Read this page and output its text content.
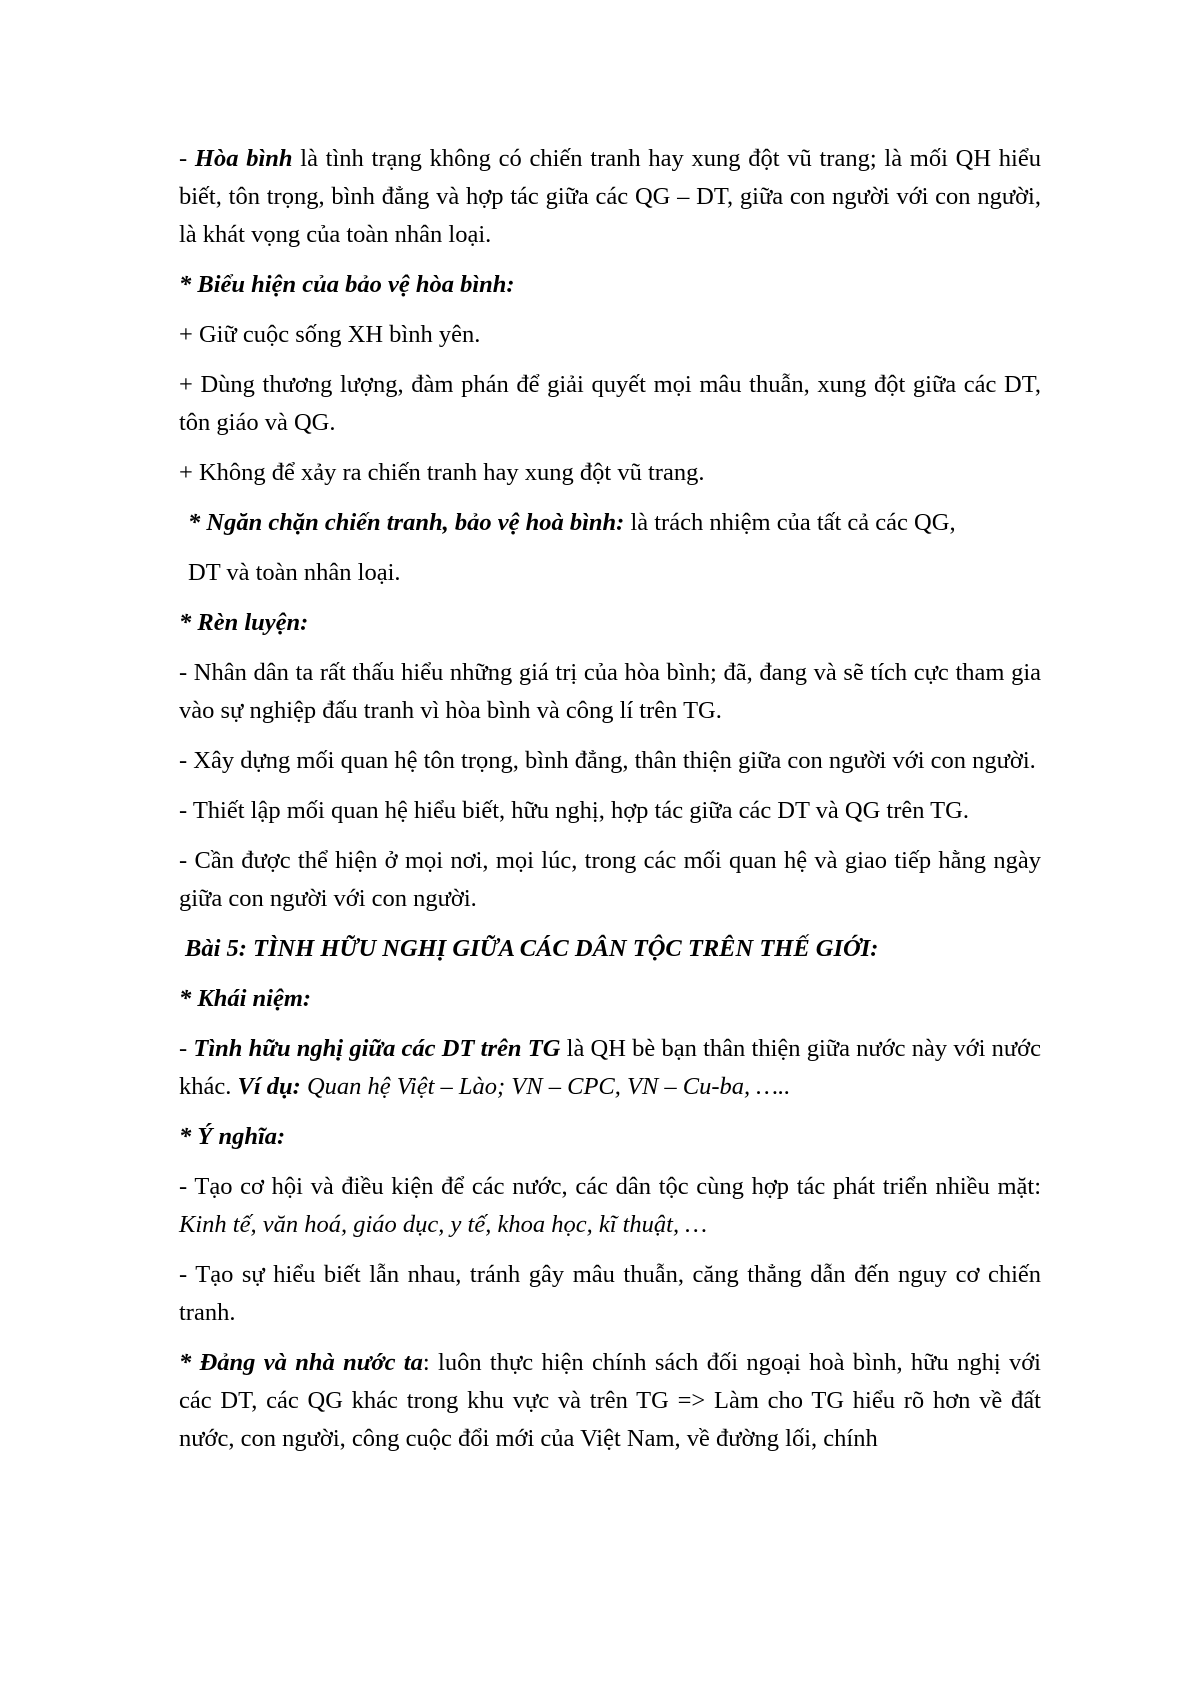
- Hòa bình là tình trạng không có chiến tranh hay xung đột vũ trang; là mối QH hiểu biết, tôn trọng, bình đẳng và hợp tác giữa các QG – DT, giữa con người với con người, là khát vọng của toàn nhân loại.

* Biểu hiện của bảo vệ hòa bình:

+ Giữ cuộc sống XH bình yên.

+ Dùng thương lượng, đàm phán để giải quyết mọi mâu thuẫn, xung đột giữa các DT, tôn giáo và QG.

+ Không để xảy ra chiến tranh hay xung đột vũ trang.

* Ngăn chặn chiến tranh, bảo vệ hoà bình: là trách nhiệm của tất cả các QG,

DT và toàn nhân loại.

* Rèn luyện:

- Nhân dân ta rất thấu hiểu những giá trị của hòa bình; đã, đang và sẽ tích cực tham gia vào sự nghiệp đấu tranh vì hòa bình và công lí trên TG.

- Xây dựng mối quan hệ tôn trọng, bình đẳng, thân thiện giữa con người với con người.

- Thiết lập mối quan hệ hiểu biết, hữu nghị, hợp tác giữa các DT và QG trên TG.

- Cần được thể hiện ở mọi nơi, mọi lúc, trong các mối quan hệ và giao tiếp hằng ngày giữa con người với con người.

Bài 5: TÌNH HỮU NGHỊ GIỮA CÁC DÂN TỘC TRÊN THẾ GIỚI:

* Khái niệm:

- Tình hữu nghị giữa các DT trên TG là QH bè bạn thân thiện giữa nước này với nước khác. Ví dụ: Quan hệ Việt – Lào; VN – CPC, VN – Cu-ba, …..

* Ý nghĩa:

- Tạo cơ hội và điều kiện để các nước, các dân tộc cùng hợp tác phát triển nhiều mặt: Kinh tế, văn hoá, giáo dục, y tế, khoa học, kĩ thuật, …

- Tạo sự hiểu biết lẫn nhau, tránh gây mâu thuẫn, căng thẳng dẫn đến nguy cơ chiến tranh.

* Đảng và nhà nước ta: luôn thực hiện chính sách đối ngoại hoà bình, hữu nghị với các DT, các QG khác trong khu vực và trên TG => Làm cho TG hiểu rõ hơn về đất nước, con người, công cuộc đổi mới của Việt Nam, về đường lối, chính
